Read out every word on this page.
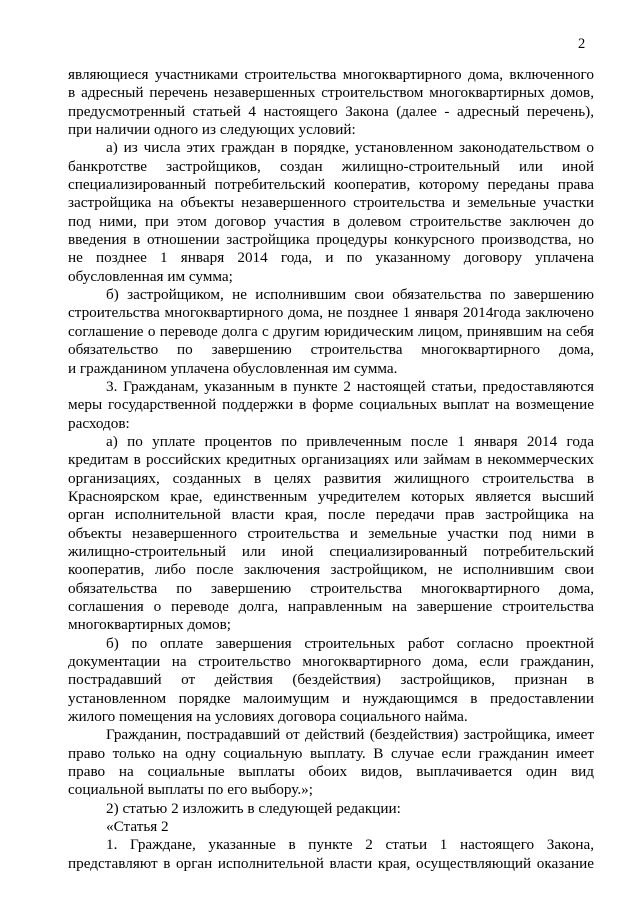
2

являющиеся участниками строительства многоквартирного дома, включенного

в адресный перечень незавершенных строительством многоквартирных домов,

предусмотренный статьей 4 настоящего Закона (далее - адресный перечень),

при наличии одного из следующих условий:

а) из числа этих граждан в порядке, установленном законодательством о

банкротстве застройщиков, создан жилищно-строительный или иной

специализированный потребительский кооператив, которому переданы права

застройщика на объекты незавершенного строительства и земельные участки

под ними, при этом договор участия в долевом строительстве заключен до

введения в отношении застройщика процедуры конкурсного производства, но

не позднее 1 января 2014 года, и по указанному договору уплачена

обусловленная им сумма;

б) застройщиком, не исполнившим свои обязательства по завершению

строительства многоквартирного дома, не позднее 1 января 2014года заключено

соглашение о переводе долга с другим юридическим лицом, принявшим на себя

обязательство по завершению строительства многоквартирного дома,

и гражданином уплачена обусловленная им сумма.

3. Гражданам, указанным в пункте 2 настоящей статьи, предоставляются

меры государственной поддержки в форме социальных выплат на возмещение

расходов:

а) по уплате процентов по привлеченным после 1 января 2014 года

кредитам в российских кредитных организациях или займам в некоммерческих

организациях, созданных в целях развития жилищного строительства в

Красноярском крае, единственным учредителем которых является высший

орган исполнительной власти края, после передачи прав застройщика на

объекты незавершенного строительства и земельные участки под ними в

жилищно-строительный или иной специализированный потребительский

кооператив, либо после заключения застройщиком, не исполнившим свои

обязательства по завершению строительства многоквартирного дома,

соглашения о переводе долга, направленным на завершение строительства

многоквартирных домов;

б) по оплате завершения строительных работ согласно проектной

документации на строительство многоквартирного дома, если гражданин,

пострадавший от действия (бездействия) застройщиков, признан в

установленном порядке малоимущим и нуждающимся в предоставлении

жилого помещения на условиях договора социального найма.

Гражданин, пострадавший от действий (бездействия) застройщика, имеет

право только на одну социальную выплату. В случае если гражданин имеет

право на социальные выплаты обоих видов, выплачивается один вид

социальной выплаты по его выбору.»;

2) статью 2 изложить в следующей редакции:

«Статья 2

1. Граждане, указанные в пункте 2 статьи 1 настоящего Закона,

представляют в орган исполнительной власти края, осуществляющий оказание
